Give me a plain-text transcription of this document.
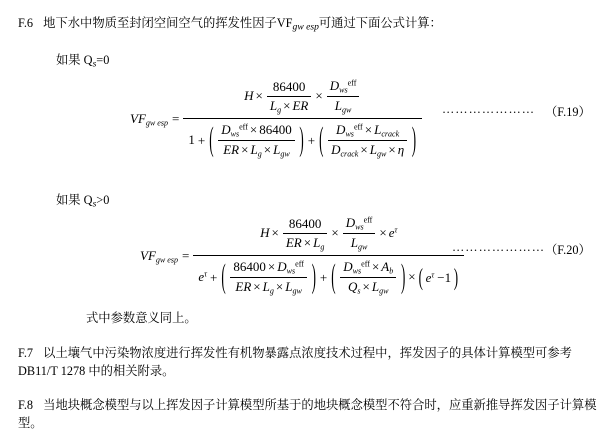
F.6 地下水中物质至封闭空间空气的挥发性因子VFgw esp可通过下面公式计算：
如果 Qs=0
$VF_{gw esp} = H \times \frac{86400}{L_g \times ER} \times \frac{D_{ws}^{eff}}{L_{gw}}$
1 + ( $\frac{D_{ws}^{eff} \times 86400}{ER \times L_g \times L_{gw}}$
) + ( $\frac{D_{ws}^{eff} \times L_{crack}}{D_{crack} \times L_{gw} \times \eta}$
) ………………… （F.19）
如果 Qs>0
$VF_{gw esp} = H \times \frac{86400}{ER \times L_g} \times \frac{D_{ws}^{eff}}{L_{gw}} \times e^\tau$
$e^\tau$ + ( $\frac{86400 \times D_{ws}^{eff}}{ER \times L_g \times L_{gw}}$
) + ( $\frac{D_{ws}^{eff} \times A_b}{Q_s \times L_{gw}}$
) × ( $e^\tau -1$ )
………………… （F.20）
式中参数意义同上。
F.7 以土壤气中污染物浓度进行挥发性有机物暴露点浓度技术过程中，挥发因子的具体计算模型可参考DB11/T 1278 中的相关附录。
F.8 当地块概念模型与以上挥发因子计算模型所基于的地块概念模型不符合时，应重新推导挥发因子计算模型。
